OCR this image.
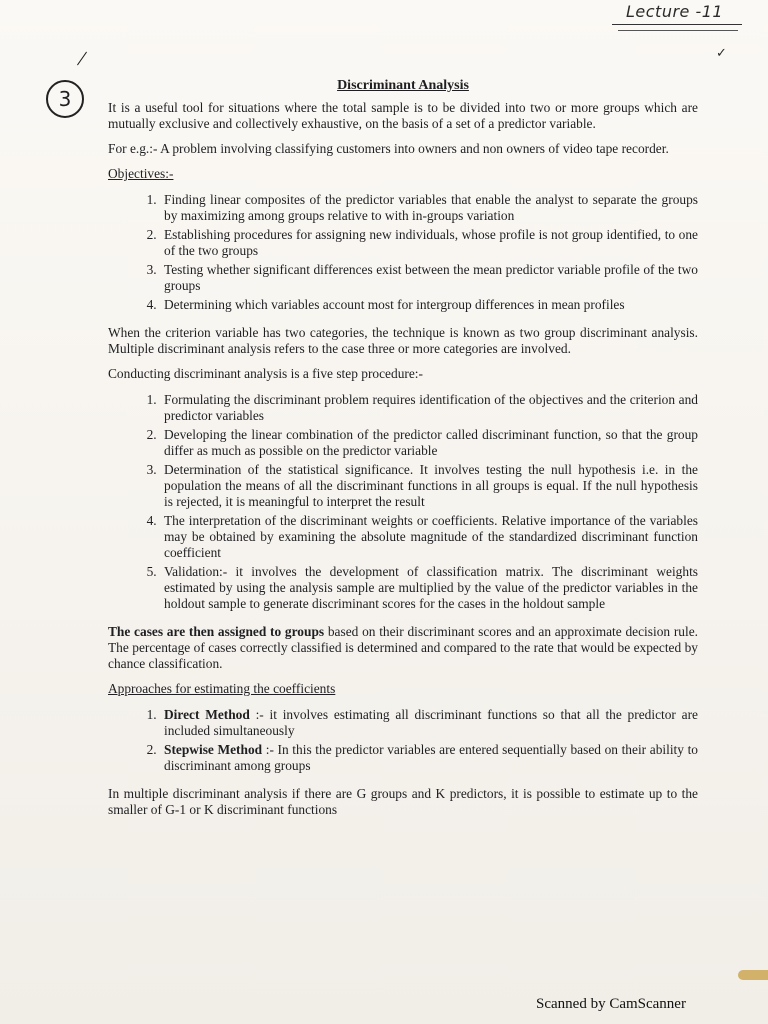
Lecture -11
✓
3
Discriminant Analysis

It is a useful tool for situations where the total sample is to be divided into two or more groups which are mutually exclusive and collectively exhaustive, on the basis of a set of a predictor variable.

For e.g.:- A problem involving classifying customers into owners and non owners of video tape recorder.

Objectives:-
1. Finding linear composites of the predictor variables that enable the analyst to separate the groups by maximizing among groups relative to with in-groups variation
2. Establishing procedures for assigning new individuals, whose profile is not group identified, to one of the two groups
3. Testing whether significant differences exist between the mean predictor variable profile of the two groups
4. Determining which variables account most for intergroup differences in mean profiles

When the criterion variable has two categories, the technique is known as two group discriminant analysis. Multiple discriminant analysis refers to the case three or more categories are involved.

Conducting discriminant analysis is a five step procedure:-
1. Formulating the discriminant problem requires identification of the objectives and the criterion and predictor variables
2. Developing the linear combination of the predictor called discriminant function, so that the group differ as much as possible on the predictor variable
3. Determination of the statistical significance. It involves testing the null hypothesis i.e. in the population the means of all the discriminant functions in all groups is equal. If the null hypothesis is rejected, it is meaningful to interpret the result
4. The interpretation of the discriminant weights or coefficients. Relative importance of the variables may be obtained by examining the absolute magnitude of the standardized discriminant function coefficient
5. Validation:- it involves the development of classification matrix. The discriminant weights estimated by using the analysis sample are multiplied by the value of the predictor variables in the holdout sample to generate discriminant scores for the cases in the holdout sample

The cases are then assigned to groups based on their discriminant scores and an approximate decision rule. The percentage of cases correctly classified is determined and compared to the rate that would be expected by chance classification.

Approaches for estimating the coefficients
1. Direct Method :- it involves estimating all discriminant functions so that all the predictor are included simultaneously
2. Stepwise Method :- In this the predictor variables are entered sequentially based on their ability to discriminant among groups

In multiple discriminant analysis if there are G groups and K predictors, it is possible to estimate up to the smaller of G-1 or K discriminant functions

Scanned by CamScanner
